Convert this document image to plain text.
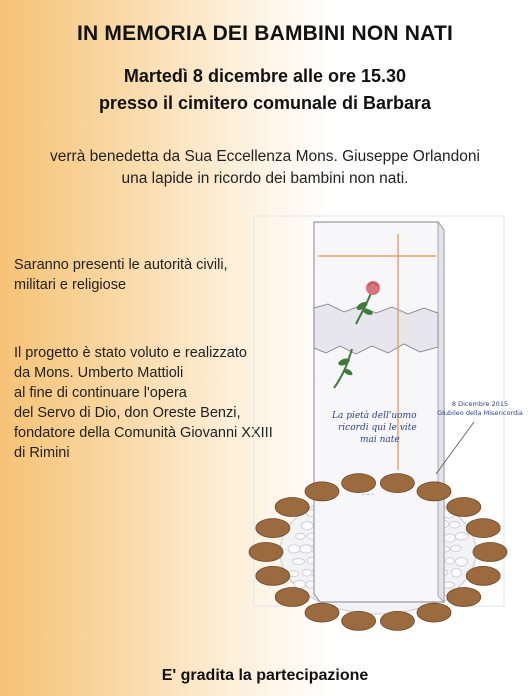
IN MEMORIA DEI BAMBINI NON NATI
Martedì 8 dicembre alle ore 15.30
presso il cimitero comunale di Barbara
verrà benedetta da Sua Eccellenza Mons. Giuseppe Orlandoni
una lapide in ricordo dei bambini non nati.
Saranno presenti le autorità civili,
militari e religiose
Il progetto è stato voluto e realizzato
da Mons. Umberto Mattioli
al fine di continuare l'opera
del Servo di Dio, don Oreste Benzi,
fondatore della Comunità Giovanni XXIII
di Rimini
~ ~ ~
La pietà dell'uomo
ricordi qui le vite
mai nate
8 Dicembre 2015
Giubileo della Misericordia
E' gradita la partecipazione
